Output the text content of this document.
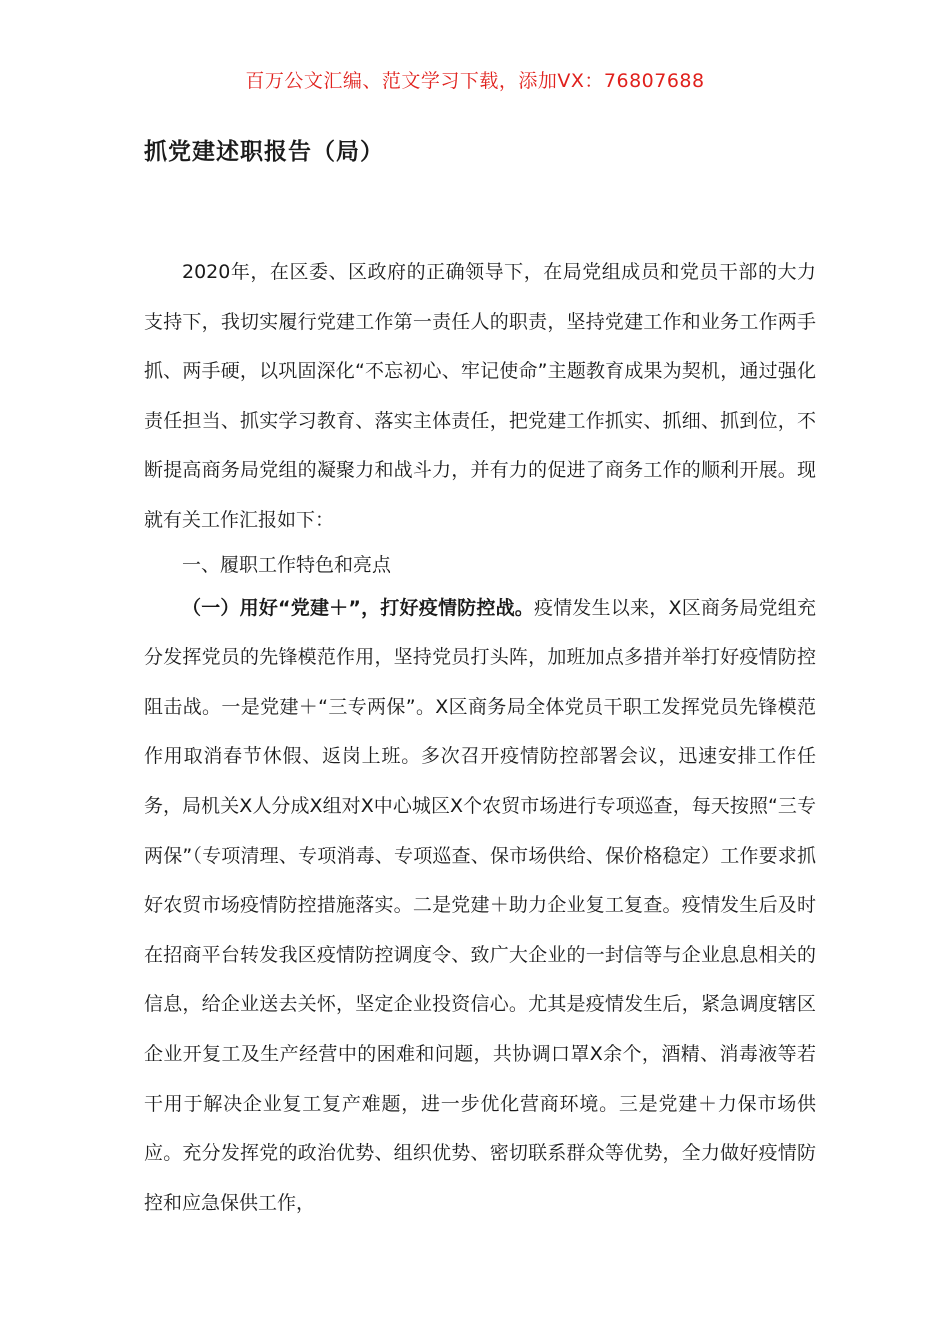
百万公文汇编、范文学习下载，添加VX：76807688
抓党建述职报告（局）

2020年，在区委、区政府的正确领导下，在局党组成员和党员干部的大力支持下，我切实履行党建工作第一责任人的职责，坚持党建工作和业务工作两手抓、两手硬，以巩固深化“不忘初心、牢记使命”主题教育成果为契机，通过强化责任担当、抓实学习教育、落实主体责任，把党建工作抓实、抓细、抓到位，不断提高商务局党组的凝聚力和战斗力，并有力的促进了商务工作的顺利开展。现就有关工作汇报如下：

一、履职工作特色和亮点

（一）用好“党建＋”，打好疫情防控战。疫情发生以来，X区商务局党组充分发挥党员的先锋模范作用，坚持党员打头阵，加班加点多措并举打好疫情防控阻击战。一是党建＋“三专两保”。X区商务局全体党员干职工发挥党员先锋模范作用取消春节休假、返岗上班。多次召开疫情防控部署会议，迅速安排工作任务，局机关X人分成X组对X中心城区X个农贸市场进行专项巡查，每天按照“三专两保”（专项清理、专项消毒、专项巡查、保市场供给、保价格稳定）工作要求抓好农贸市场疫情防控措施落实。二是党建＋助力企业复工复查。疫情发生后及时在招商平台转发我区疫情防控调度令、致广大企业的一封信等与企业息息相关的信息，给企业送去关怀，坚定企业投资信心。尤其是疫情发生后，紧急调度辖区企业开复工及生产经营中的困难和问题，共协调口罩X余个，酒精、消毒液等若干用于解决企业复工复产难题，进一步优化营商环境。三是党建＋力保市场供应。充分发挥党的政治优势、组织优势、密切联系群众等优势，全力做好疫情防控和应急保供工作，
